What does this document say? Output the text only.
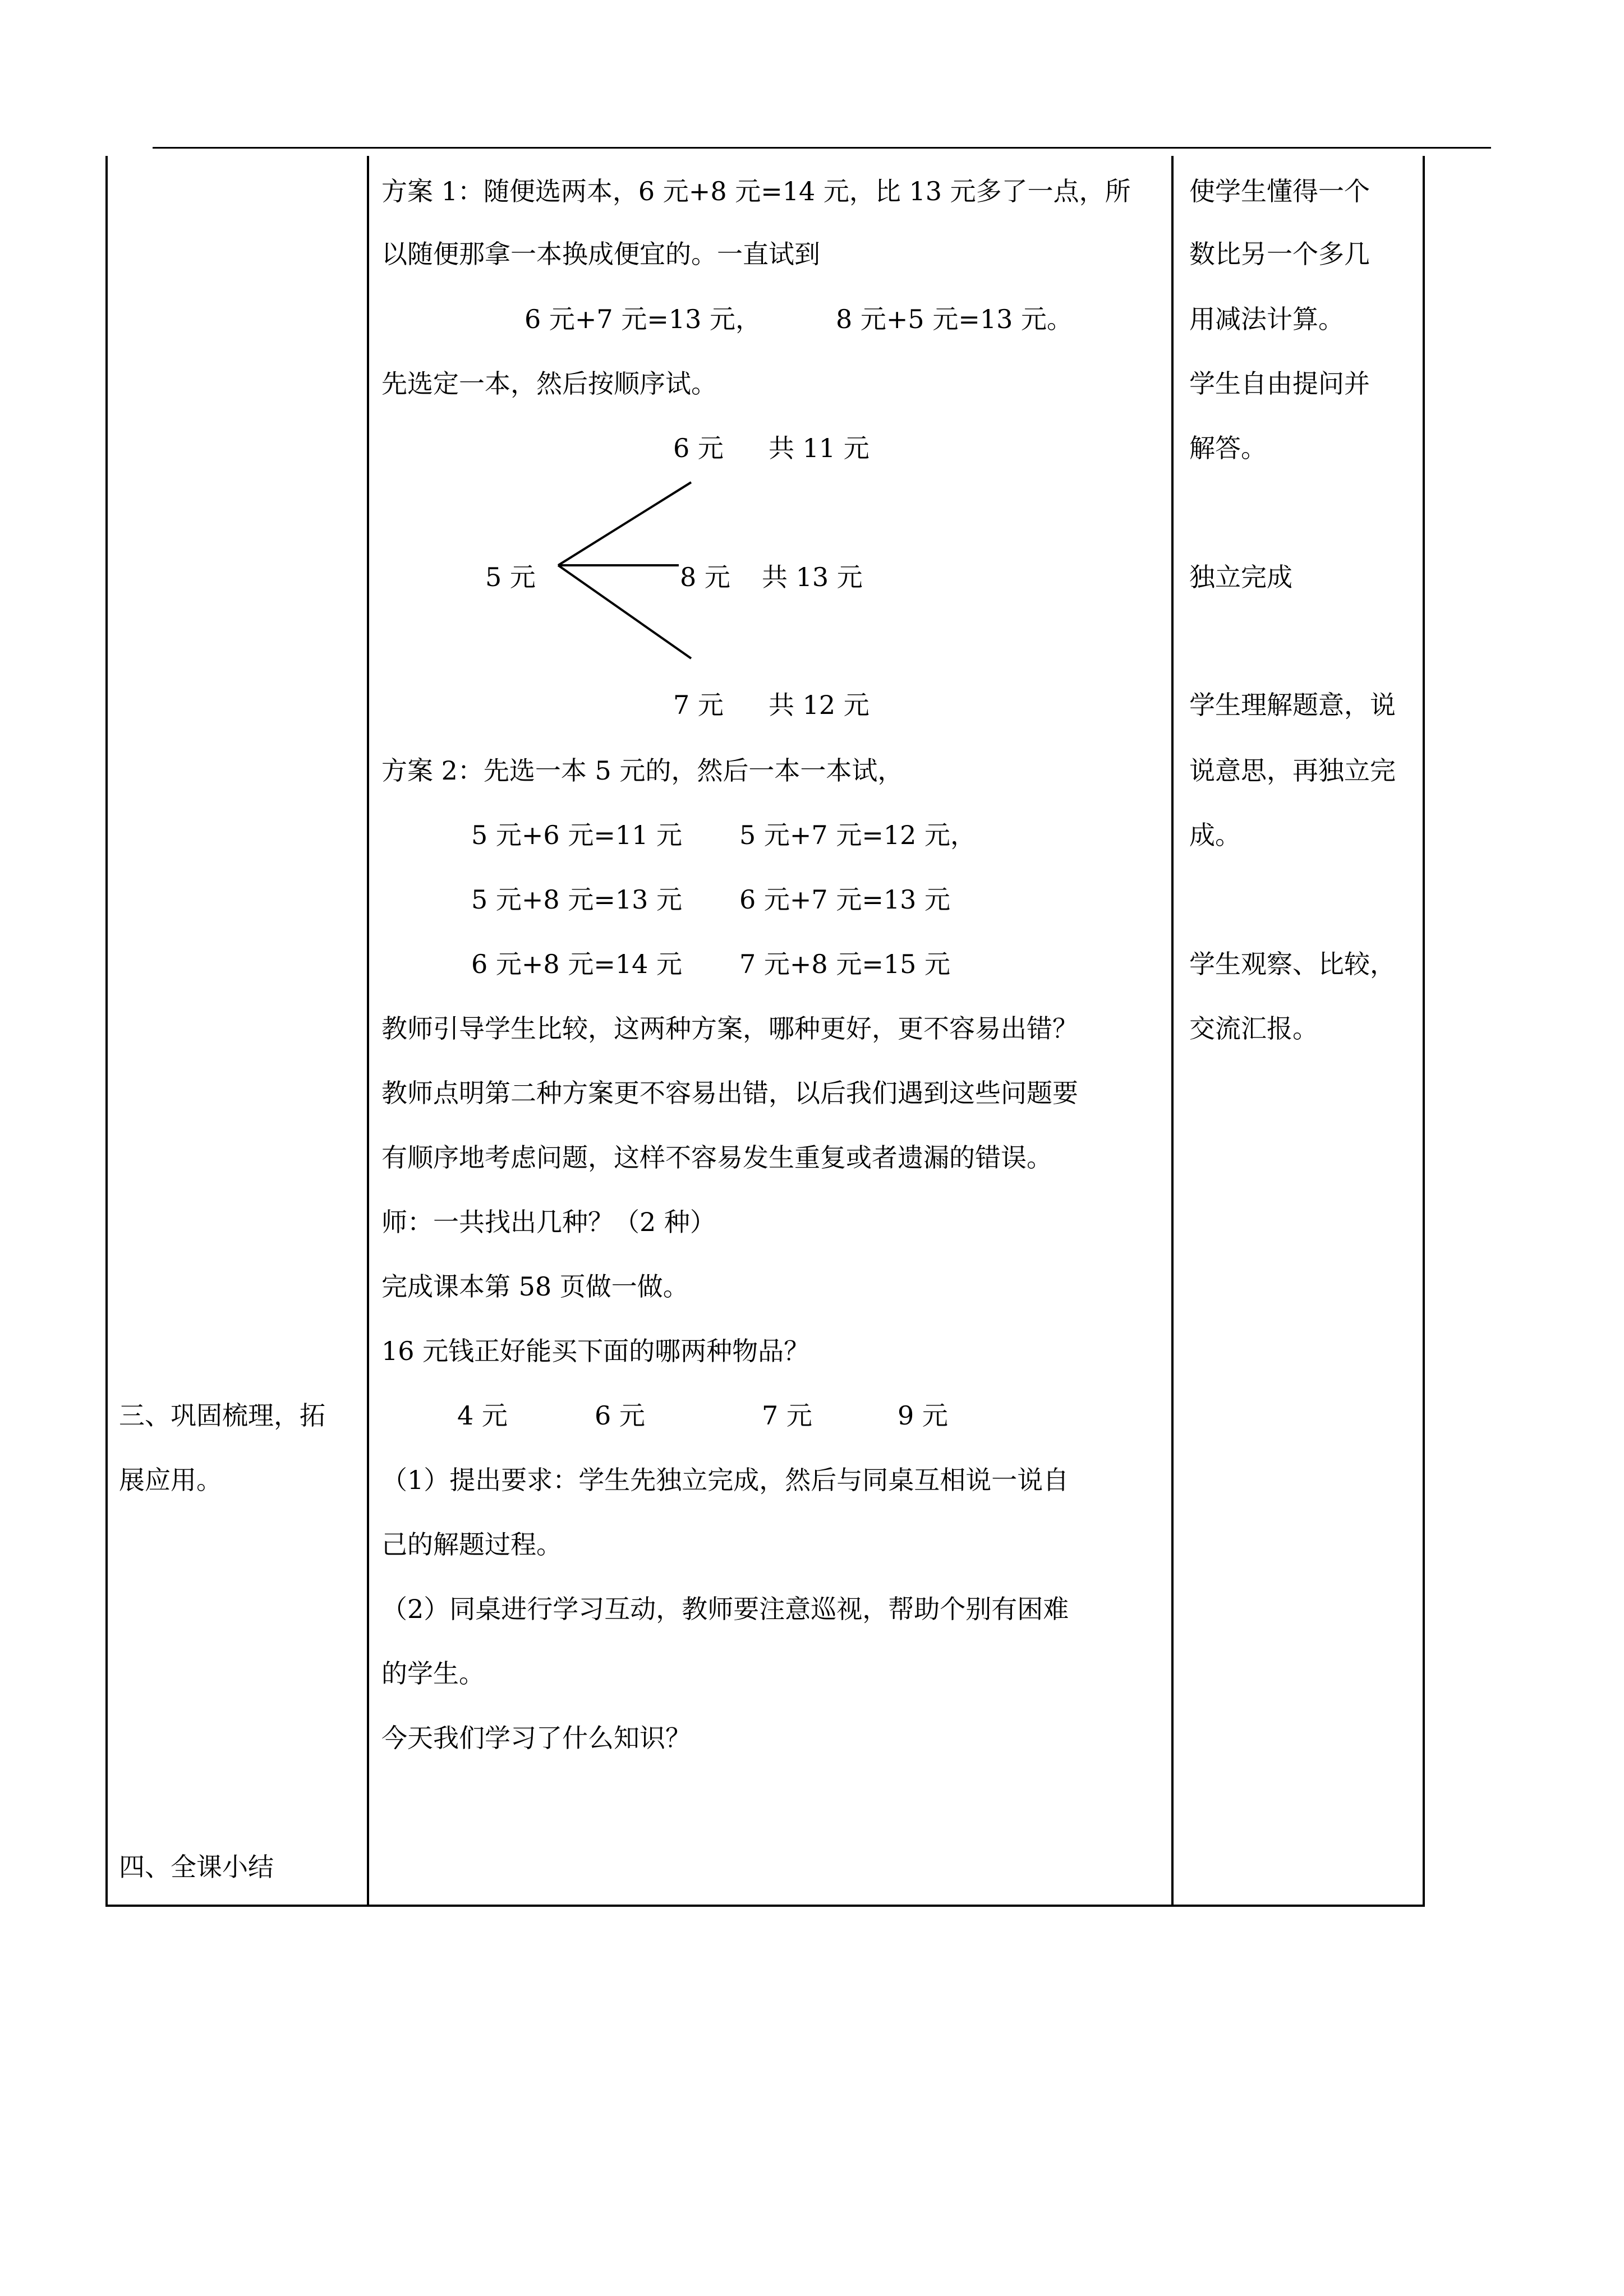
方案 1：随便选两本，6 元+8 元=14 元，比 13 元多了一点，所
以随便那拿一本换成便宜的。一直试到
6 元+7 元=13 元，	8 元+5 元=13 元。
先选定一本，然后按顺序试。
6 元 共 11 元
5 元	8 元 共 13 元
7 元 共 12 元
方案 2：先选一本 5 元的，然后一本一本试，
5 元+6 元=11 元 5 元+7 元=12 元，
5 元+8 元=13 元 6 元+7 元=13 元
6 元+8 元=14 元 7 元+8 元=15 元
教师引导学生比较，这两种方案，哪种更好，更不容易出错？
教师点明第二种方案更不容易出错，以后我们遇到这些问题要
有顺序地考虑问题，这样不容易发生重复或者遗漏的错误。
师：一共找出几种？（2 种）
完成课本第 58 页做一做。
16 元钱正好能买下面的哪两种物品？
4 元	6 元	7 元	9 元
（1）提出要求：学生先独立完成，然后与同桌互相说一说自
己的解题过程。
（2）同桌进行学习互动，教师要注意巡视，帮助个别有困难
的学生。
今天我们学习了什么知识？
三、巩固梳理，拓
展应用。
四、全课小结
使学生懂得一个
数比另一个多几
用减法计算。
学生自由提问并
解答。
独立完成
学生理解题意，说
说意思，再独立完
成。
学生观察、比较，
交流汇报。
